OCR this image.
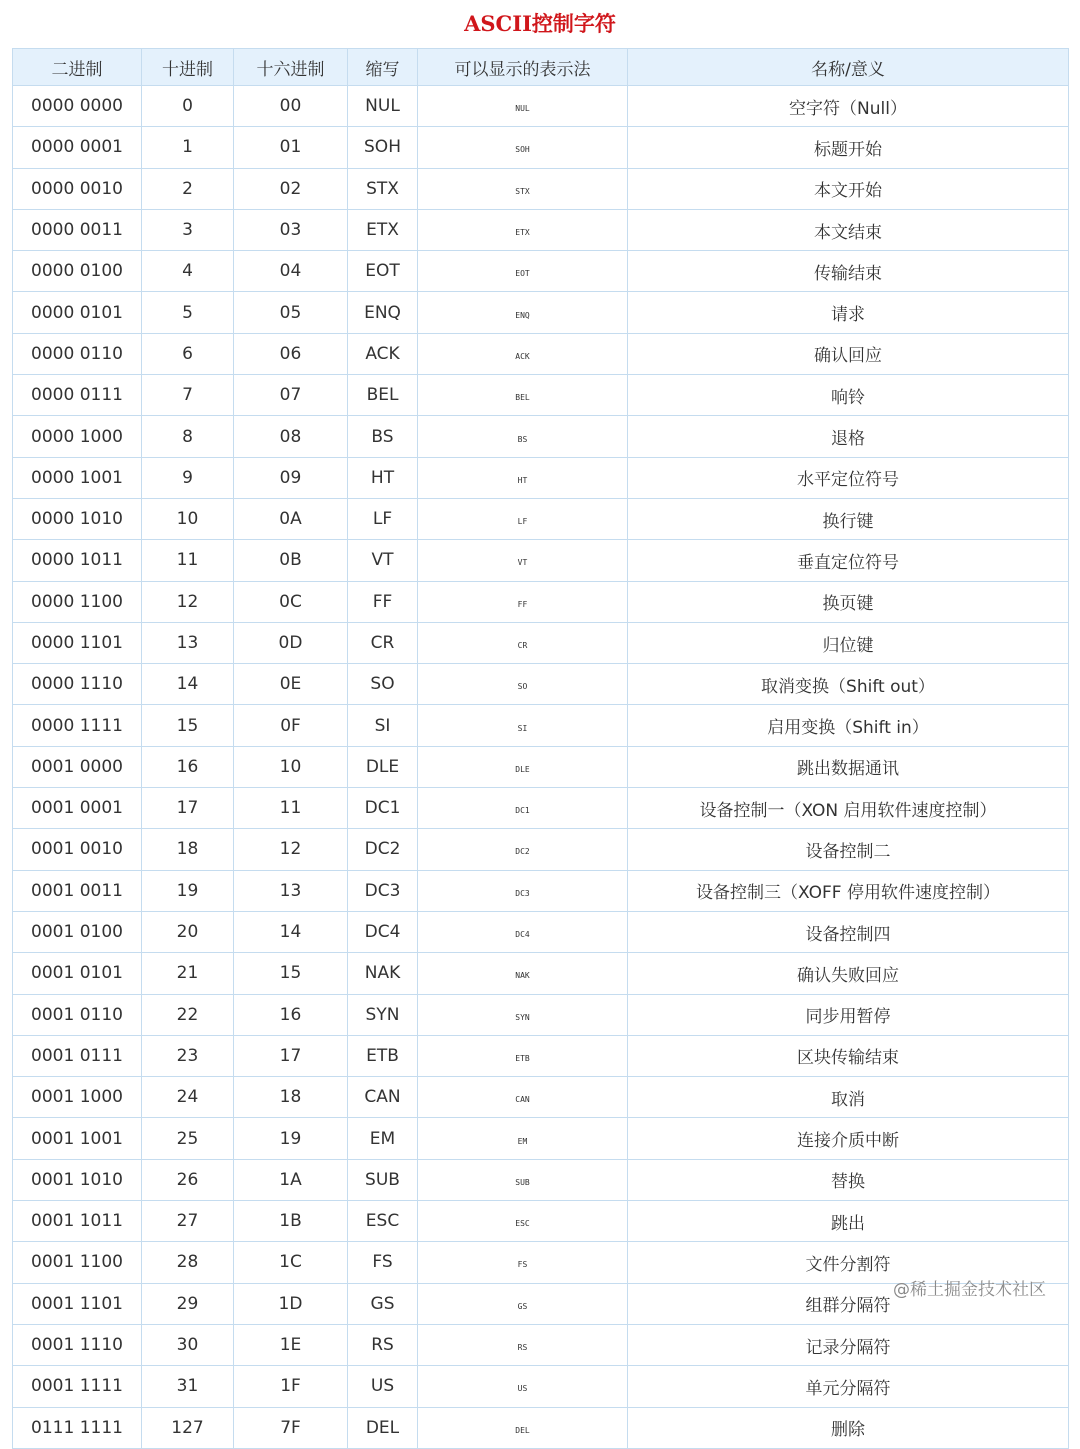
ASCII控制字符
二进制	十进制	十六进制	缩写	可以显示的表示法	名称/意义
0000 0000	0	00	NUL	NUL	空字符（Null）
0000 0001	1	01	SOH	SOH	标题开始
0000 0010	2	02	STX	STX	本文开始
0000 0011	3	03	ETX	ETX	本文结束
0000 0100	4	04	EOT	EOT	传输结束
0000 0101	5	05	ENQ	ENQ	请求
0000 0110	6	06	ACK	ACK	确认回应
0000 0111	7	07	BEL	BEL	响铃
0000 1000	8	08	BS	BS	退格
0000 1001	9	09	HT	HT	水平定位符号
0000 1010	10	0A	LF	LF	换行键
0000 1011	11	0B	VT	VT	垂直定位符号
0000 1100	12	0C	FF	FF	换页键
0000 1101	13	0D	CR	CR	归位键
0000 1110	14	0E	SO	SO	取消变换（Shift out）
0000 1111	15	0F	SI	SI	启用变换（Shift in）
0001 0000	16	10	DLE	DLE	跳出数据通讯
0001 0001	17	11	DC1	DC1	设备控制一（XON 启用软件速度控制）
0001 0010	18	12	DC2	DC2	设备控制二
0001 0011	19	13	DC3	DC3	设备控制三（XOFF 停用软件速度控制）
0001 0100	20	14	DC4	DC4	设备控制四
0001 0101	21	15	NAK	NAK	确认失败回应
0001 0110	22	16	SYN	SYN	同步用暂停
0001 0111	23	17	ETB	ETB	区块传输结束
0001 1000	24	18	CAN	CAN	取消
0001 1001	25	19	EM	EM	连接介质中断
0001 1010	26	1A	SUB	SUB	替换
0001 1011	27	1B	ESC	ESC	跳出
0001 1100	28	1C	FS	FS	文件分割符
0001 1101	29	1D	GS	GS	组群分隔符
0001 1110	30	1E	RS	RS	记录分隔符
0001 1111	31	1F	US	US	单元分隔符
0111 1111	127	7F	DEL	DEL	删除
@稀土掘金技术社区
